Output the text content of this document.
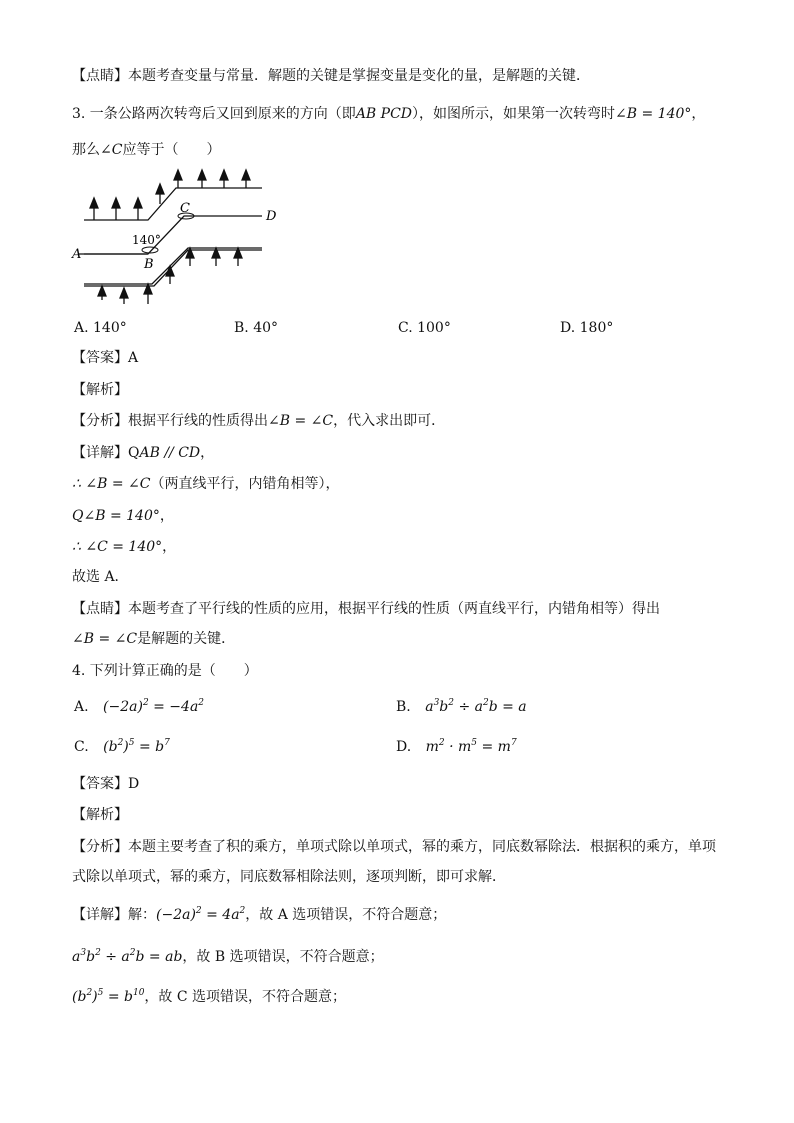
【点睛】本题考查变量与常量．解题的关键是掌握变量是变化的量，是解题的关键．
3. 一条公路两次转弯后又回到原来的方向（即AB PCD），如图所示，如果第一次转弯时∠B = 140°，
那么∠C应等于（　　）
A
B
C
D
140°
A. 140°	B. 40°	C. 100°	D. 180°
【答案】A
【解析】
【分析】根据平行线的性质得出∠B = ∠C，代入求出即可．
【详解】QAB // CD，
∴ ∠B = ∠C（两直线平行，内错角相等），
Q∠B = 140°，
∴ ∠C = 140°，
故选 A．
【点睛】本题考查了平行线的性质的应用，根据平行线的性质（两直线平行，内错角相等）得出
∠B = ∠C是解题的关键．
4. 下列计算正确的是（　　）
A. $(-2a)^2 = -4a^2$	B. $a^3b^2 \div a^2b = a$
C. $(b^2)^5 = b^7$	D. $m^2 \cdot m^5 = m^7$
【答案】D
【解析】
【分析】本题主要考查了积的乘方，单项式除以单项式，幂的乘方，同底数幂除法．根据积的乘方，单项
式除以单项式，幂的乘方，同底数幂相除法则，逐项判断，即可求解．
【详解】解：$(-2a)^2 = 4a^2$，故 A 选项错误，不符合题意；
$a^3b^2 \div a^2b$ = ab，故 B 选项错误，不符合题意；
$(b^2)^5 = b^{10}$，故 C 选项错误，不符合题意；
